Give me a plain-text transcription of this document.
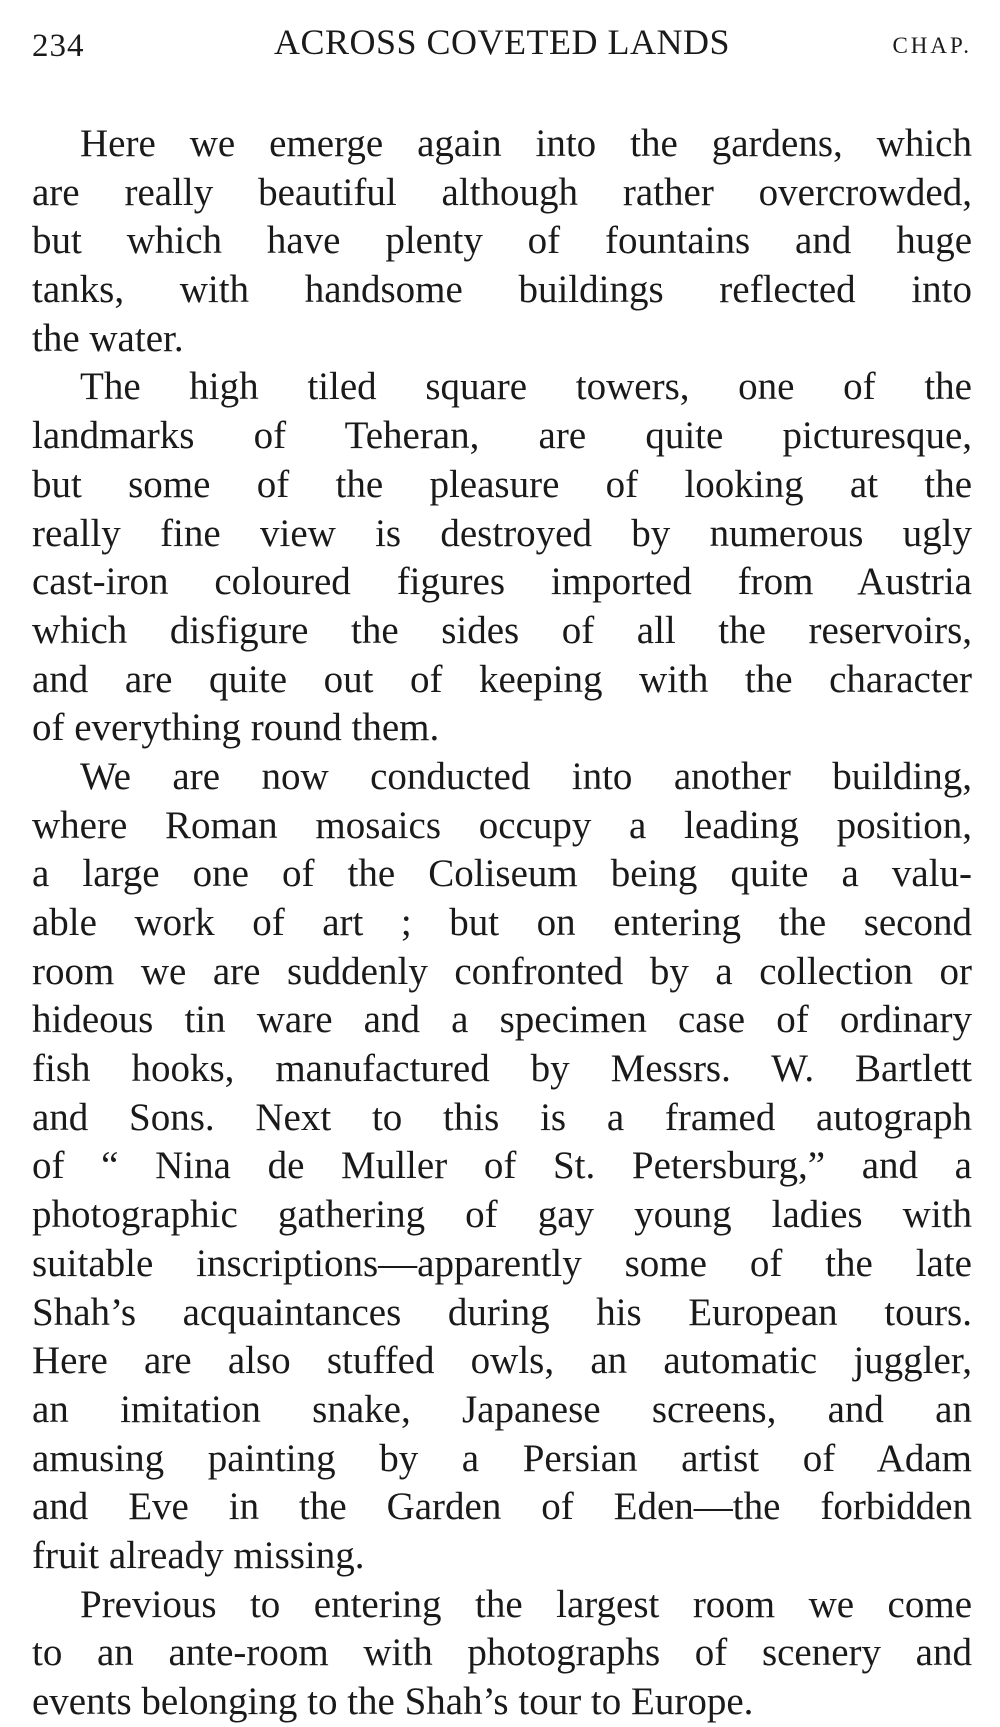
234	ACROSS COVETED LANDS	CHAP.

Here we emerge again into the gardens, which
are really beautiful although rather overcrowded,
but which have plenty of fountains and huge
tanks, with handsome buildings reflected into
the water.

The high tiled square towers, one of the
landmarks of Teheran, are quite picturesque,
but some of the pleasure of looking at the
really fine view is destroyed by numerous ugly
cast-iron coloured figures imported from Austria
which disfigure the sides of all the reservoirs,
and are quite out of keeping with the character
of everything round them.

We are now conducted into another building,
where Roman mosaics occupy a leading position,
a large one of the Coliseum being quite a valu-
able work of art ; but on entering the second
room we are suddenly confronted by a collection or
hideous tin ware and a specimen case of ordinary
fish hooks, manufactured by Messrs. W. Bartlett
and Sons. Next to this is a framed autograph
of “ Nina de Muller of St. Petersburg,” and a
photographic gathering of gay young ladies with
suitable inscriptions—apparently some of the late
Shah’s acquaintances during his European tours.
Here are also stuffed owls, an automatic juggler,
an imitation snake, Japanese screens, and an
amusing painting by a Persian artist of Adam
and Eve in the Garden of Eden—the forbidden
fruit already missing.

Previous to entering the largest room we come
to an ante-room with photographs of scenery and
events belonging to the Shah’s tour to Europe.
